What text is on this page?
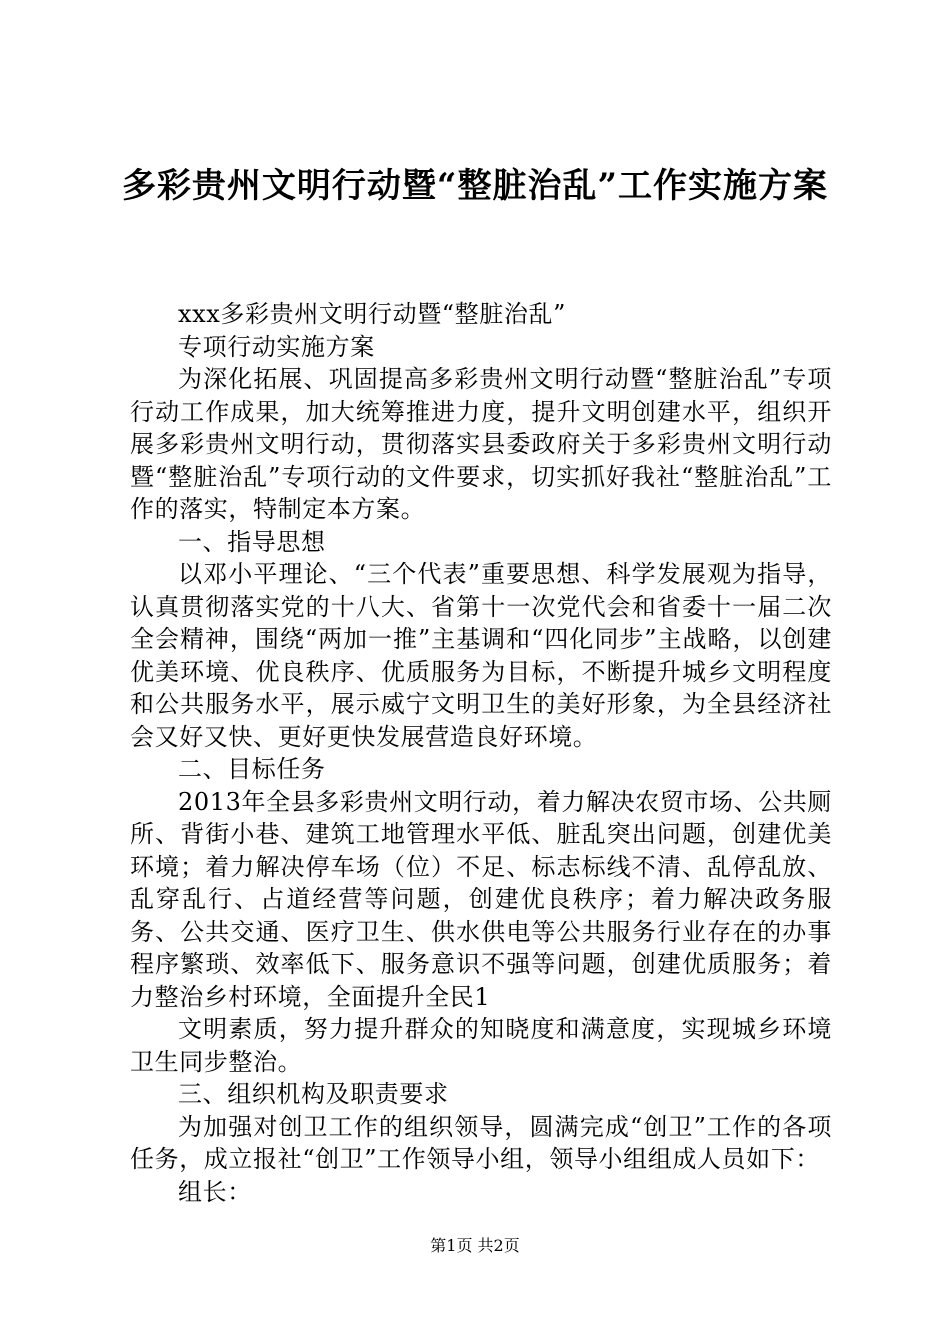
多彩贵州文明行动暨“整脏治乱”工作实施方案

xxx多彩贵州文明行动暨“整脏治乱”

专项行动实施方案

为深化拓展、巩固提高多彩贵州文明行动暨“整脏治乱”专项行动工作成果，加大统筹推进力度，提升文明创建水平，组织开展多彩贵州文明行动，贯彻落实县委政府关于多彩贵州文明行动暨“整脏治乱”专项行动的文件要求，切实抓好我社“整脏治乱”工作的落实，特制定本方案。

一、指导思想

以邓小平理论、“三个代表”重要思想、科学发展观为指导，认真贯彻落实党的十八大、省第十一次党代会和省委十一届二次全会精神，围绕“两加一推”主基调和“四化同步”主战略，以创建优美环境、优良秩序、优质服务为目标，不断提升城乡文明程度和公共服务水平，展示威宁文明卫生的美好形象，为全县经济社会又好又快、更好更快发展营造良好环境。

二、目标任务

2013年全县多彩贵州文明行动，着力解决农贸市场、公共厕所、背街小巷、建筑工地管理水平低、脏乱突出问题，创建优美环境；着力解决停车场（位）不足、标志标线不清、乱停乱放、乱穿乱行、占道经营等问题，创建优良秩序；着力解决政务服务、公共交通、医疗卫生、供水供电等公共服务行业存在的办事程序繁琐、效率低下、服务意识不强等问题，创建优质服务；着力整治乡村环境，全面提升全民1

文明素质，努力提升群众的知晓度和满意度，实现城乡环境卫生同步整治。

三、组织机构及职责要求

为加强对创卫工作的组织领导，圆满完成“创卫”工作的各项任务，成立报社“创卫”工作领导小组，领导小组组成人员如下：

组长：

第1页 共2页
